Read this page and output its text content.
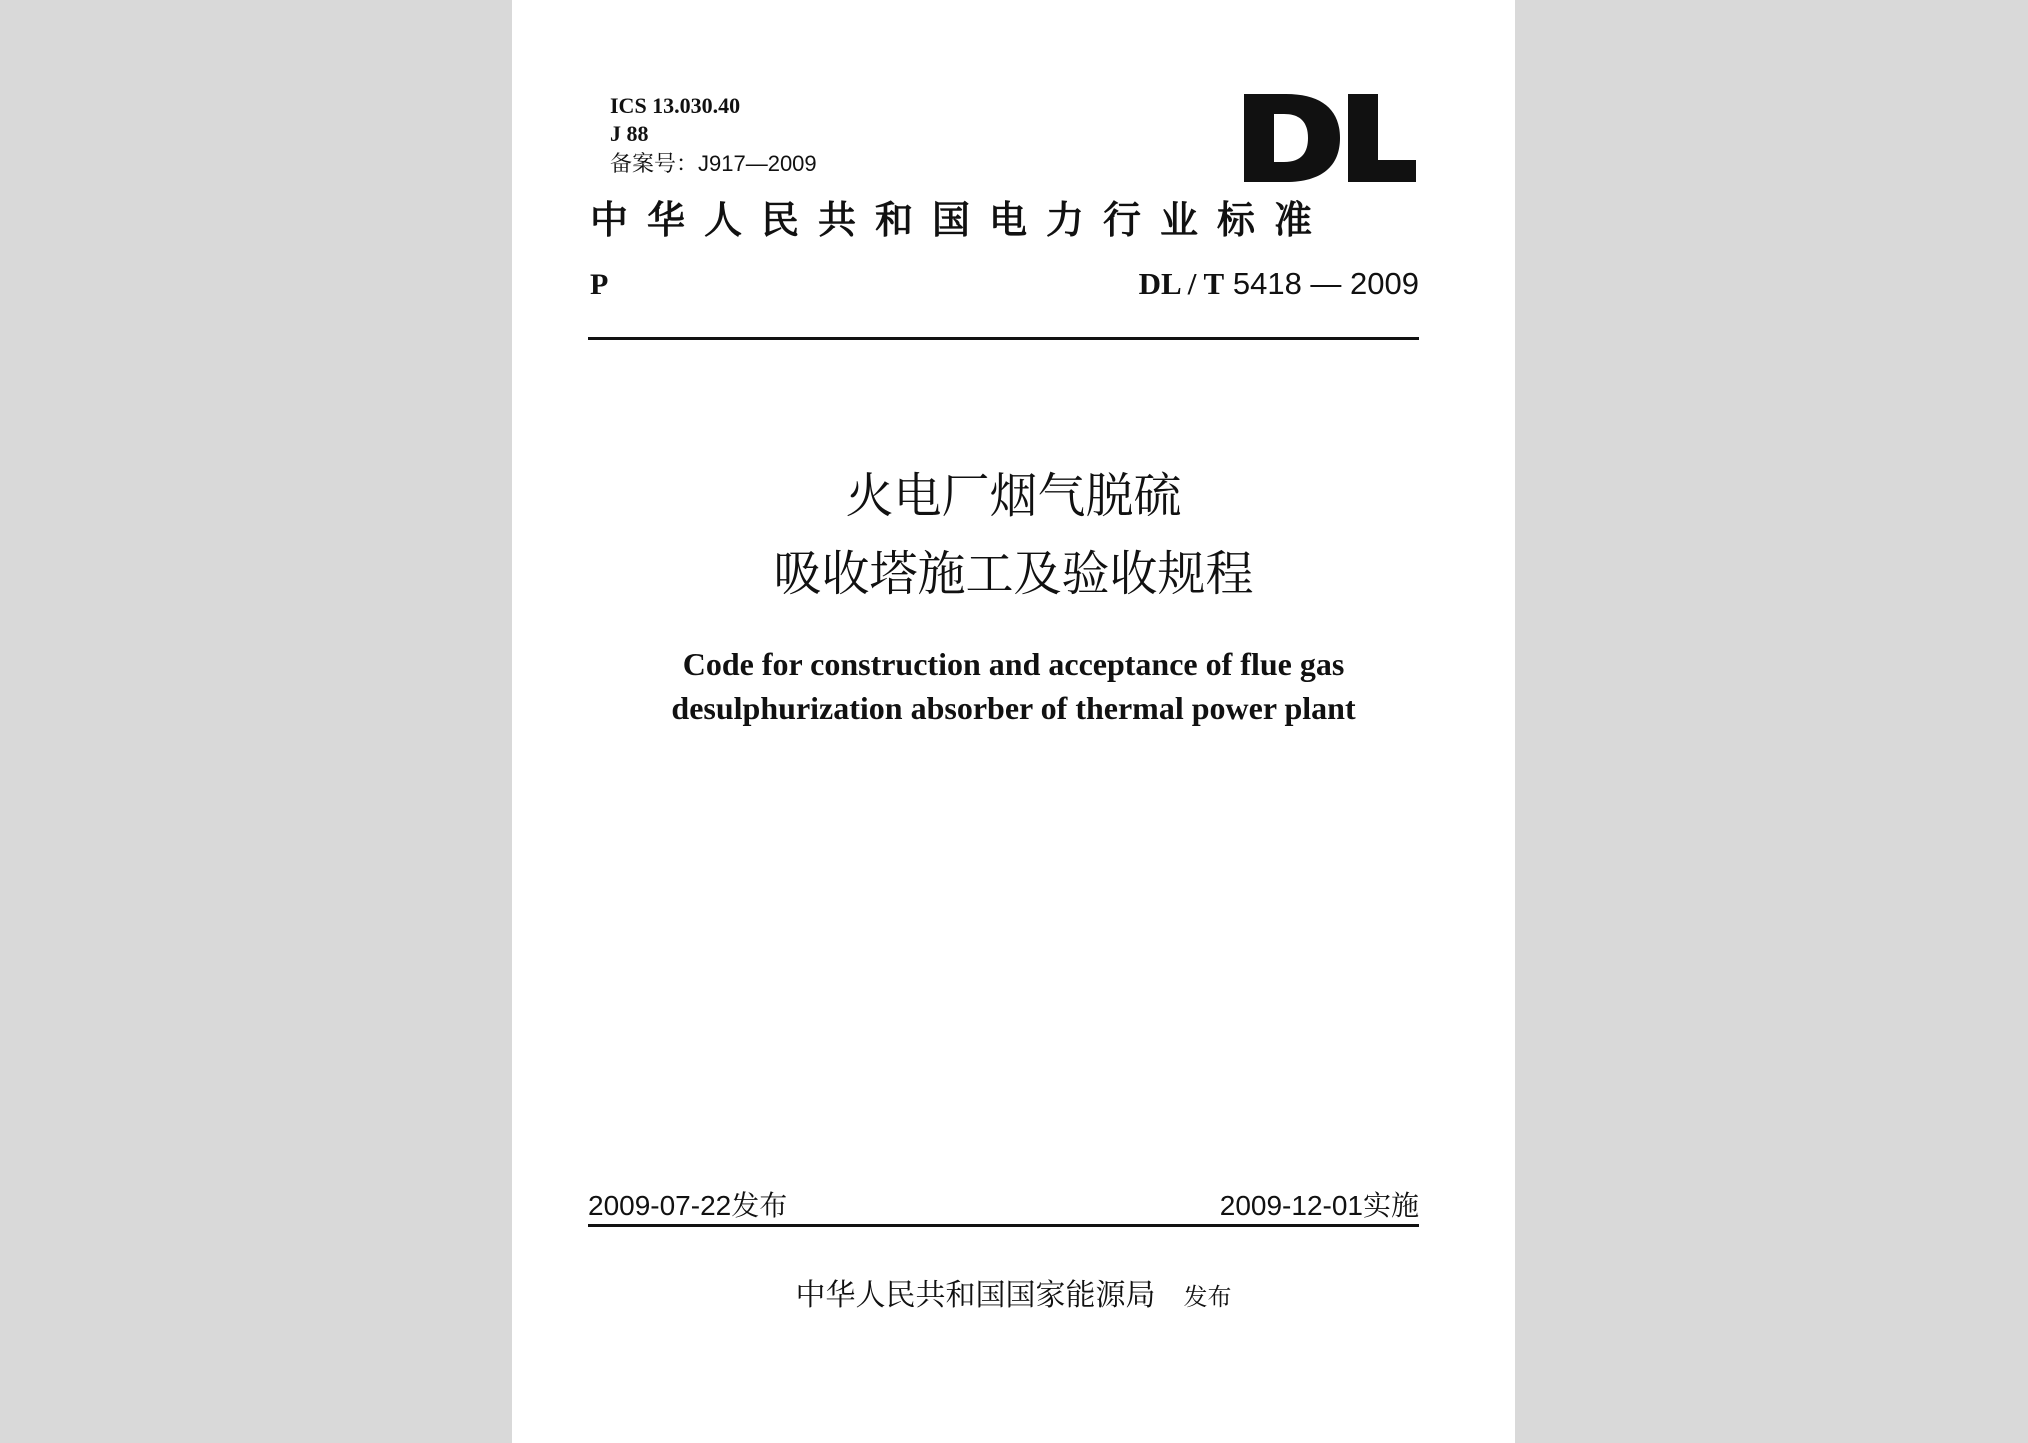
ICS 13.030.40
J 88
备案号：J917—2009
中华人民共和国电力行业标准
P	DL / T 5418 — 2009
火电厂烟气脱硫
吸收塔施工及验收规程
Code for construction and acceptance of flue gas
desulphurization absorber of thermal power plant
2009-07-22发布	2009-12-01实施
中华人民共和国国家能源局 发布
